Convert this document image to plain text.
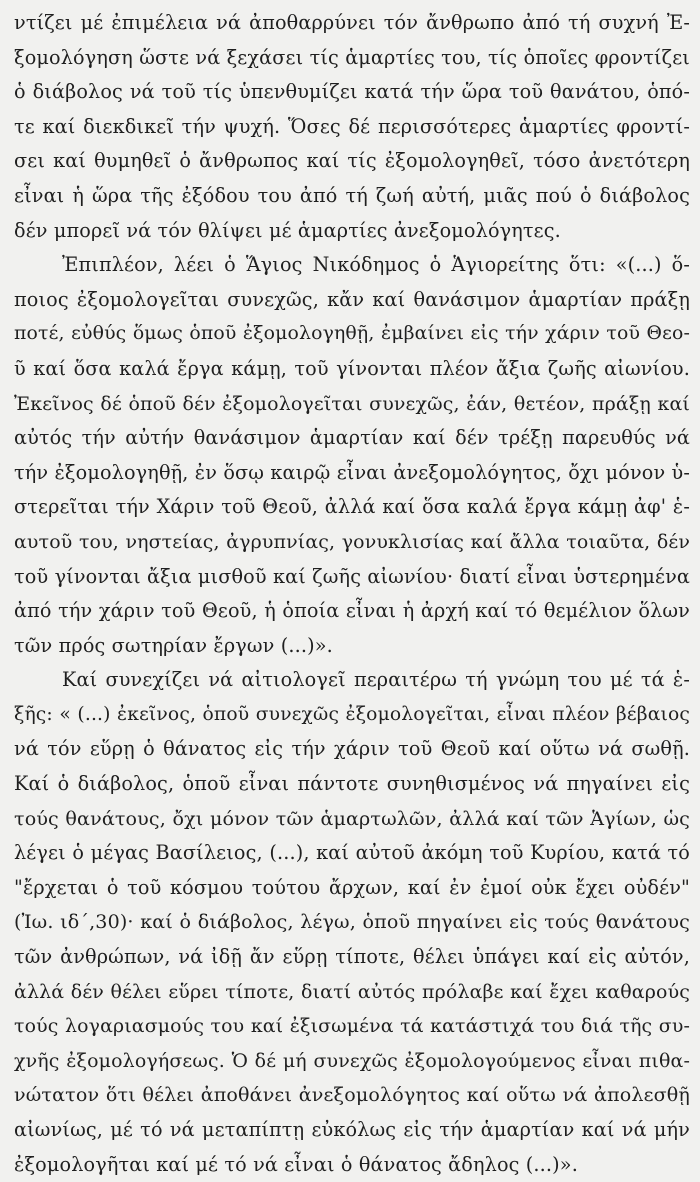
ντίζει μέ ἐπιμέλεια νά ἀποθαρρύνει τόν ἄνθρωπο ἀπό τή συχνή Ἐ-
ξομολόγηση ὥστε νά ξεχάσει τίς ἁμαρτίες του, τίς ὁποῖες φροντίζει
ὁ διάβολος νά τοῦ τίς ὑπενθυμίζει κατά τήν ὥρα τοῦ θανάτου, ὁπό-
τε καί διεκδικεῖ τήν ψυχή. Ὅσες δέ περισσότερες ἁμαρτίες φροντί-
σει καί θυμηθεῖ ὁ ἄνθρωπος καί τίς ἐξομολογηθεῖ, τόσο ἀνετότερη
εἶναι ἡ ὥρα τῆς ἐξόδου του ἀπό τή ζωή αὐτή, μιᾶς πού ὁ διάβολος
δέν μπορεῖ νά τόν θλίψει μέ ἁμαρτίες ἀνεξομολόγητες.
Ἐπιπλέον, λέει ὁ Ἅγιος Νικόδημος ὁ Ἁγιορείτης ὅτι: «(...) ὅ-
ποιος ἐξομολογεῖται συνεχῶς, κἄν καί θανάσιμον ἁμαρτίαν πράξῃ
ποτέ, εὐθύς ὅμως ὁποῦ ἐξομολογηθῇ, ἐμβαίνει εἰς τήν χάριν τοῦ Θεο-
ῦ καί ὅσα καλά ἔργα κάμῃ, τοῦ γίνονται πλέον ἄξια ζωῆς αἰωνίου.
Ἐκεῖνος δέ ὁποῦ δέν ἐξομολογεῖται συνεχῶς, ἐάν, θετέον, πράξῃ καί
αὐτός τήν αὐτήν θανάσιμον ἁμαρτίαν καί δέν τρέξῃ παρευθύς νά
τήν ἐξομολογηθῇ, ἐν ὅσῳ καιρῷ εἶναι ἀνεξομολόγητος, ὄχι μόνον ὑ-
στερεῖται τήν Χάριν τοῦ Θεοῦ, ἀλλά καί ὅσα καλά ἔργα κάμῃ ἀφ' ἑ-
αυτοῦ του, νηστείας, ἀγρυπνίας, γονυκλισίας καί ἄλλα τοιαῦτα, δέν
τοῦ γίνονται ἄξια μισθοῦ καί ζωῆς αἰωνίου· διατί εἶναι ὑστερημένα
ἀπό τήν χάριν τοῦ Θεοῦ, ἡ ὁποία εἶναι ἡ ἀρχή καί τό θεμέλιον ὅλων
τῶν πρός σωτηρίαν ἔργων (...)».
Καί συνεχίζει νά αἰτιολογεῖ περαιτέρω τή γνώμη του μέ τά ἑ-
ξῆς: « (...) ἐκεῖνος, ὁποῦ συνεχῶς ἐξομολογεῖται, εἶναι πλέον βέβαιος
νά τόν εὕρῃ ὁ θάνατος εἰς τήν χάριν τοῦ Θεοῦ καί οὕτω νά σωθῇ.
Καί ὁ διάβολος, ὁποῦ εἶναι πάντοτε συνηθισμένος νά πηγαίνει εἰς
τούς θανάτους, ὄχι μόνον τῶν ἁμαρτωλῶν, ἀλλά καί τῶν Ἁγίων, ὡς
λέγει ὁ μέγας Βασίλειος, (...), καί αὐτοῦ ἀκόμη τοῦ Κυρίου, κατά τό
"ἔρχεται ὁ τοῦ κόσμου τούτου ἄρχων, καί ἐν ἐμοί οὐκ ἔχει οὐδέν"
(Ἰω. ιδ΄,30)· καί ὁ διάβολος, λέγω, ὁποῦ πηγαίνει εἰς τούς θανάτους
τῶν ἀνθρώπων, νά ἰδῇ ἄν εὕρῃ τίποτε, θέλει ὑπάγει καί εἰς αὐτόν,
ἀλλά δέν θέλει εὕρει τίποτε, διατί αὐτός πρόλαβε καί ἔχει καθαρούς
τούς λογαριασμούς του καί ἐξισωμένα τά κατάστιχά του διά τῆς συ-
χνῆς ἐξομολογήσεως. Ὁ δέ μή συνεχῶς ἐξομολογούμενος εἶναι πιθα-
νώτατον ὅτι θέλει ἀποθάνει ἀνεξομολόγητος καί οὕτω νά ἀπολεσθῇ
αἰωνίως, μέ τό νά μεταπίπτῃ εὐκόλως εἰς τήν ἁμαρτίαν καί νά μήν
ἐξομολογῆται καί μέ τό νά εἶναι ὁ θάνατος ἄδηλος (...)».
